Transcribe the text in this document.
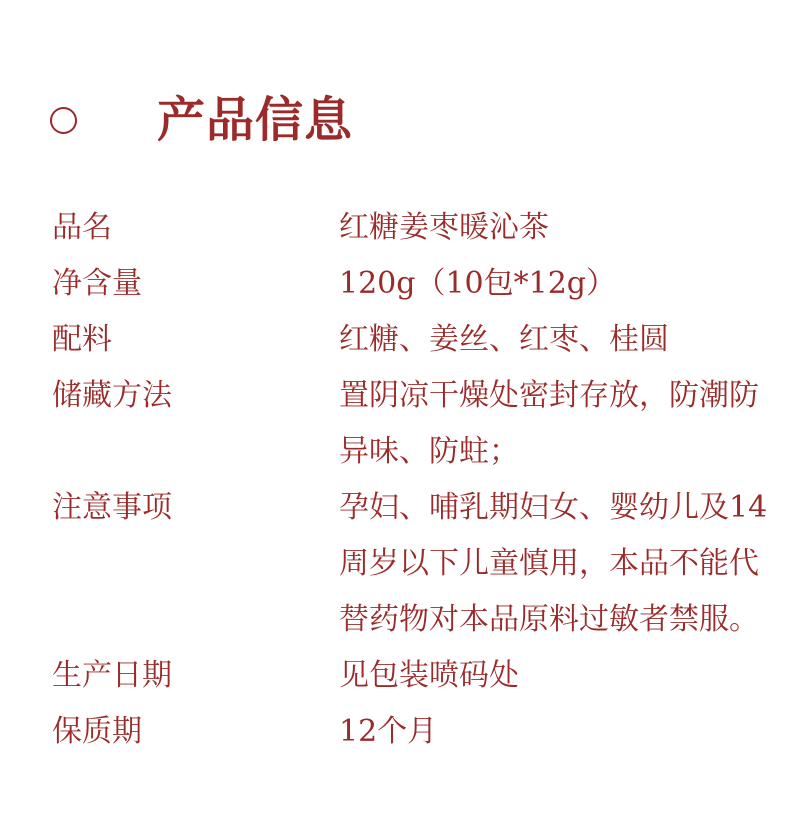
产品信息
品名	红糖姜枣暖沁茶
净含量	120g（10包*12g）
配料	红糖、姜丝、红枣、桂圆
储藏方法	置阴凉干燥处密封存放，防潮防异味、防蛀；
注意事项	孕妇、哺乳期妇女、婴幼儿及14周岁以下儿童慎用，本品不能代替药物对本品原料过敏者禁服。
生产日期	见包装喷码处
保质期	12个月
